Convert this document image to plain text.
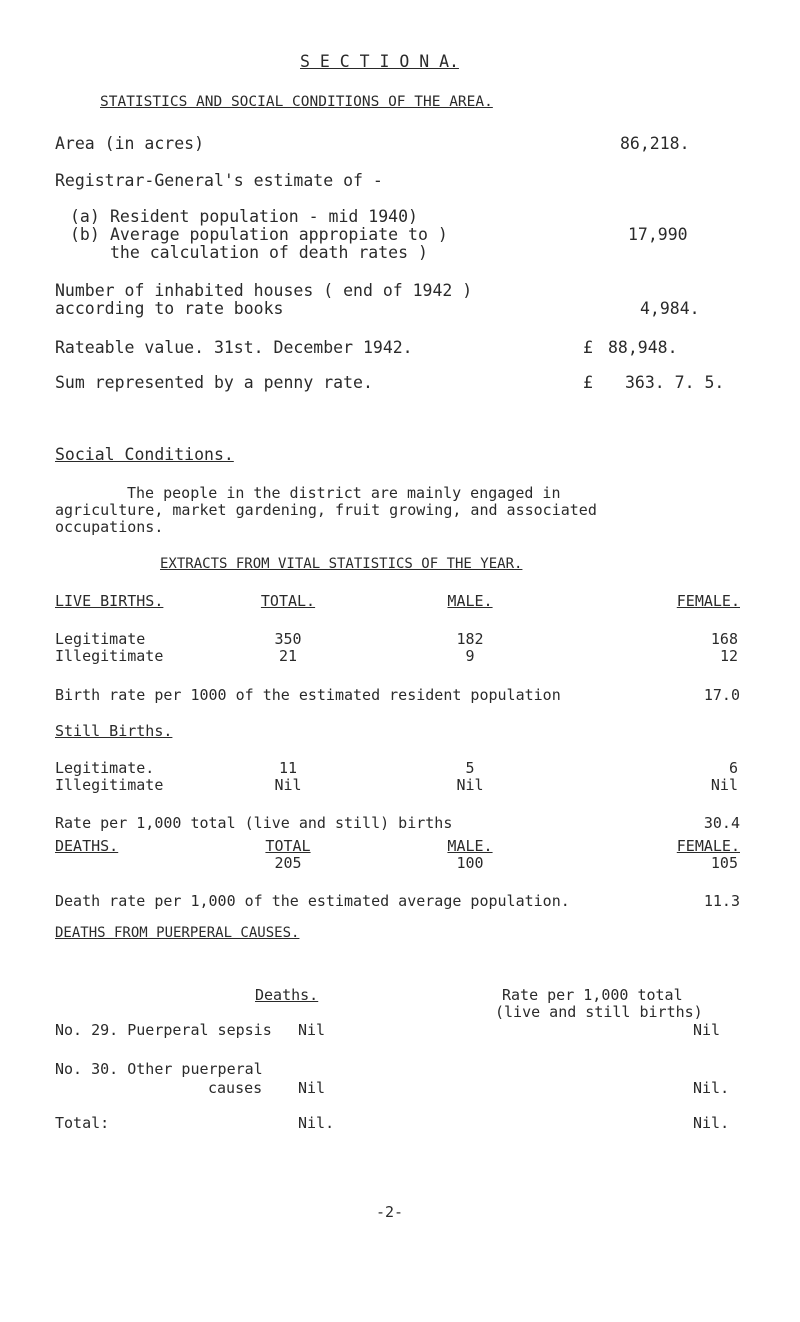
S E C T I O N A.
STATISTICS AND SOCIAL CONDITIONS OF THE AREA.
Area (in acres)	86,218.
Registrar-General's estimate of -
(a) Resident population - mid 1940)
(b) Average population appropiate to )
the calculation of death rates )
17,990
Number of inhabited houses ( end of 1942 )
according to rate books	4,984.
Rateable value. 31st. December 1942.	£ 88,948.
Sum represented by a penny rate.	£ 363. 7. 5.
Social Conditions.
The people in the district are mainly engaged in
agriculture, market gardening, fruit growing, and associated
occupations.
EXTRACTS FROM VITAL STATISTICS OF THE YEAR.
LIVE BIRTHS.	TOTAL.	MALE.	FEMALE.
Legitimate	350	182	168
Illegitimate	21	9	12
Birth rate per 1000 of the estimated resident population	17.0
Still Births.
Legitimate.	11	5	6
Illegitimate	Nil	Nil	Nil
Rate per 1,000 total (live and still) births	30.4
DEATHS.	TOTAL	MALE.	FEMALE.
205	100	105
Death rate per 1,000 of the estimated average population.	11.3
DEATHS FROM PUERPERAL CAUSES.
Deaths.	Rate per 1,000 total
(live and still births)
No. 29. Puerperal sepsis Nil	Nil
No. 30. Other puerperal
causes Nil	Nil.
Total:	Nil.	Nil.
-2-
